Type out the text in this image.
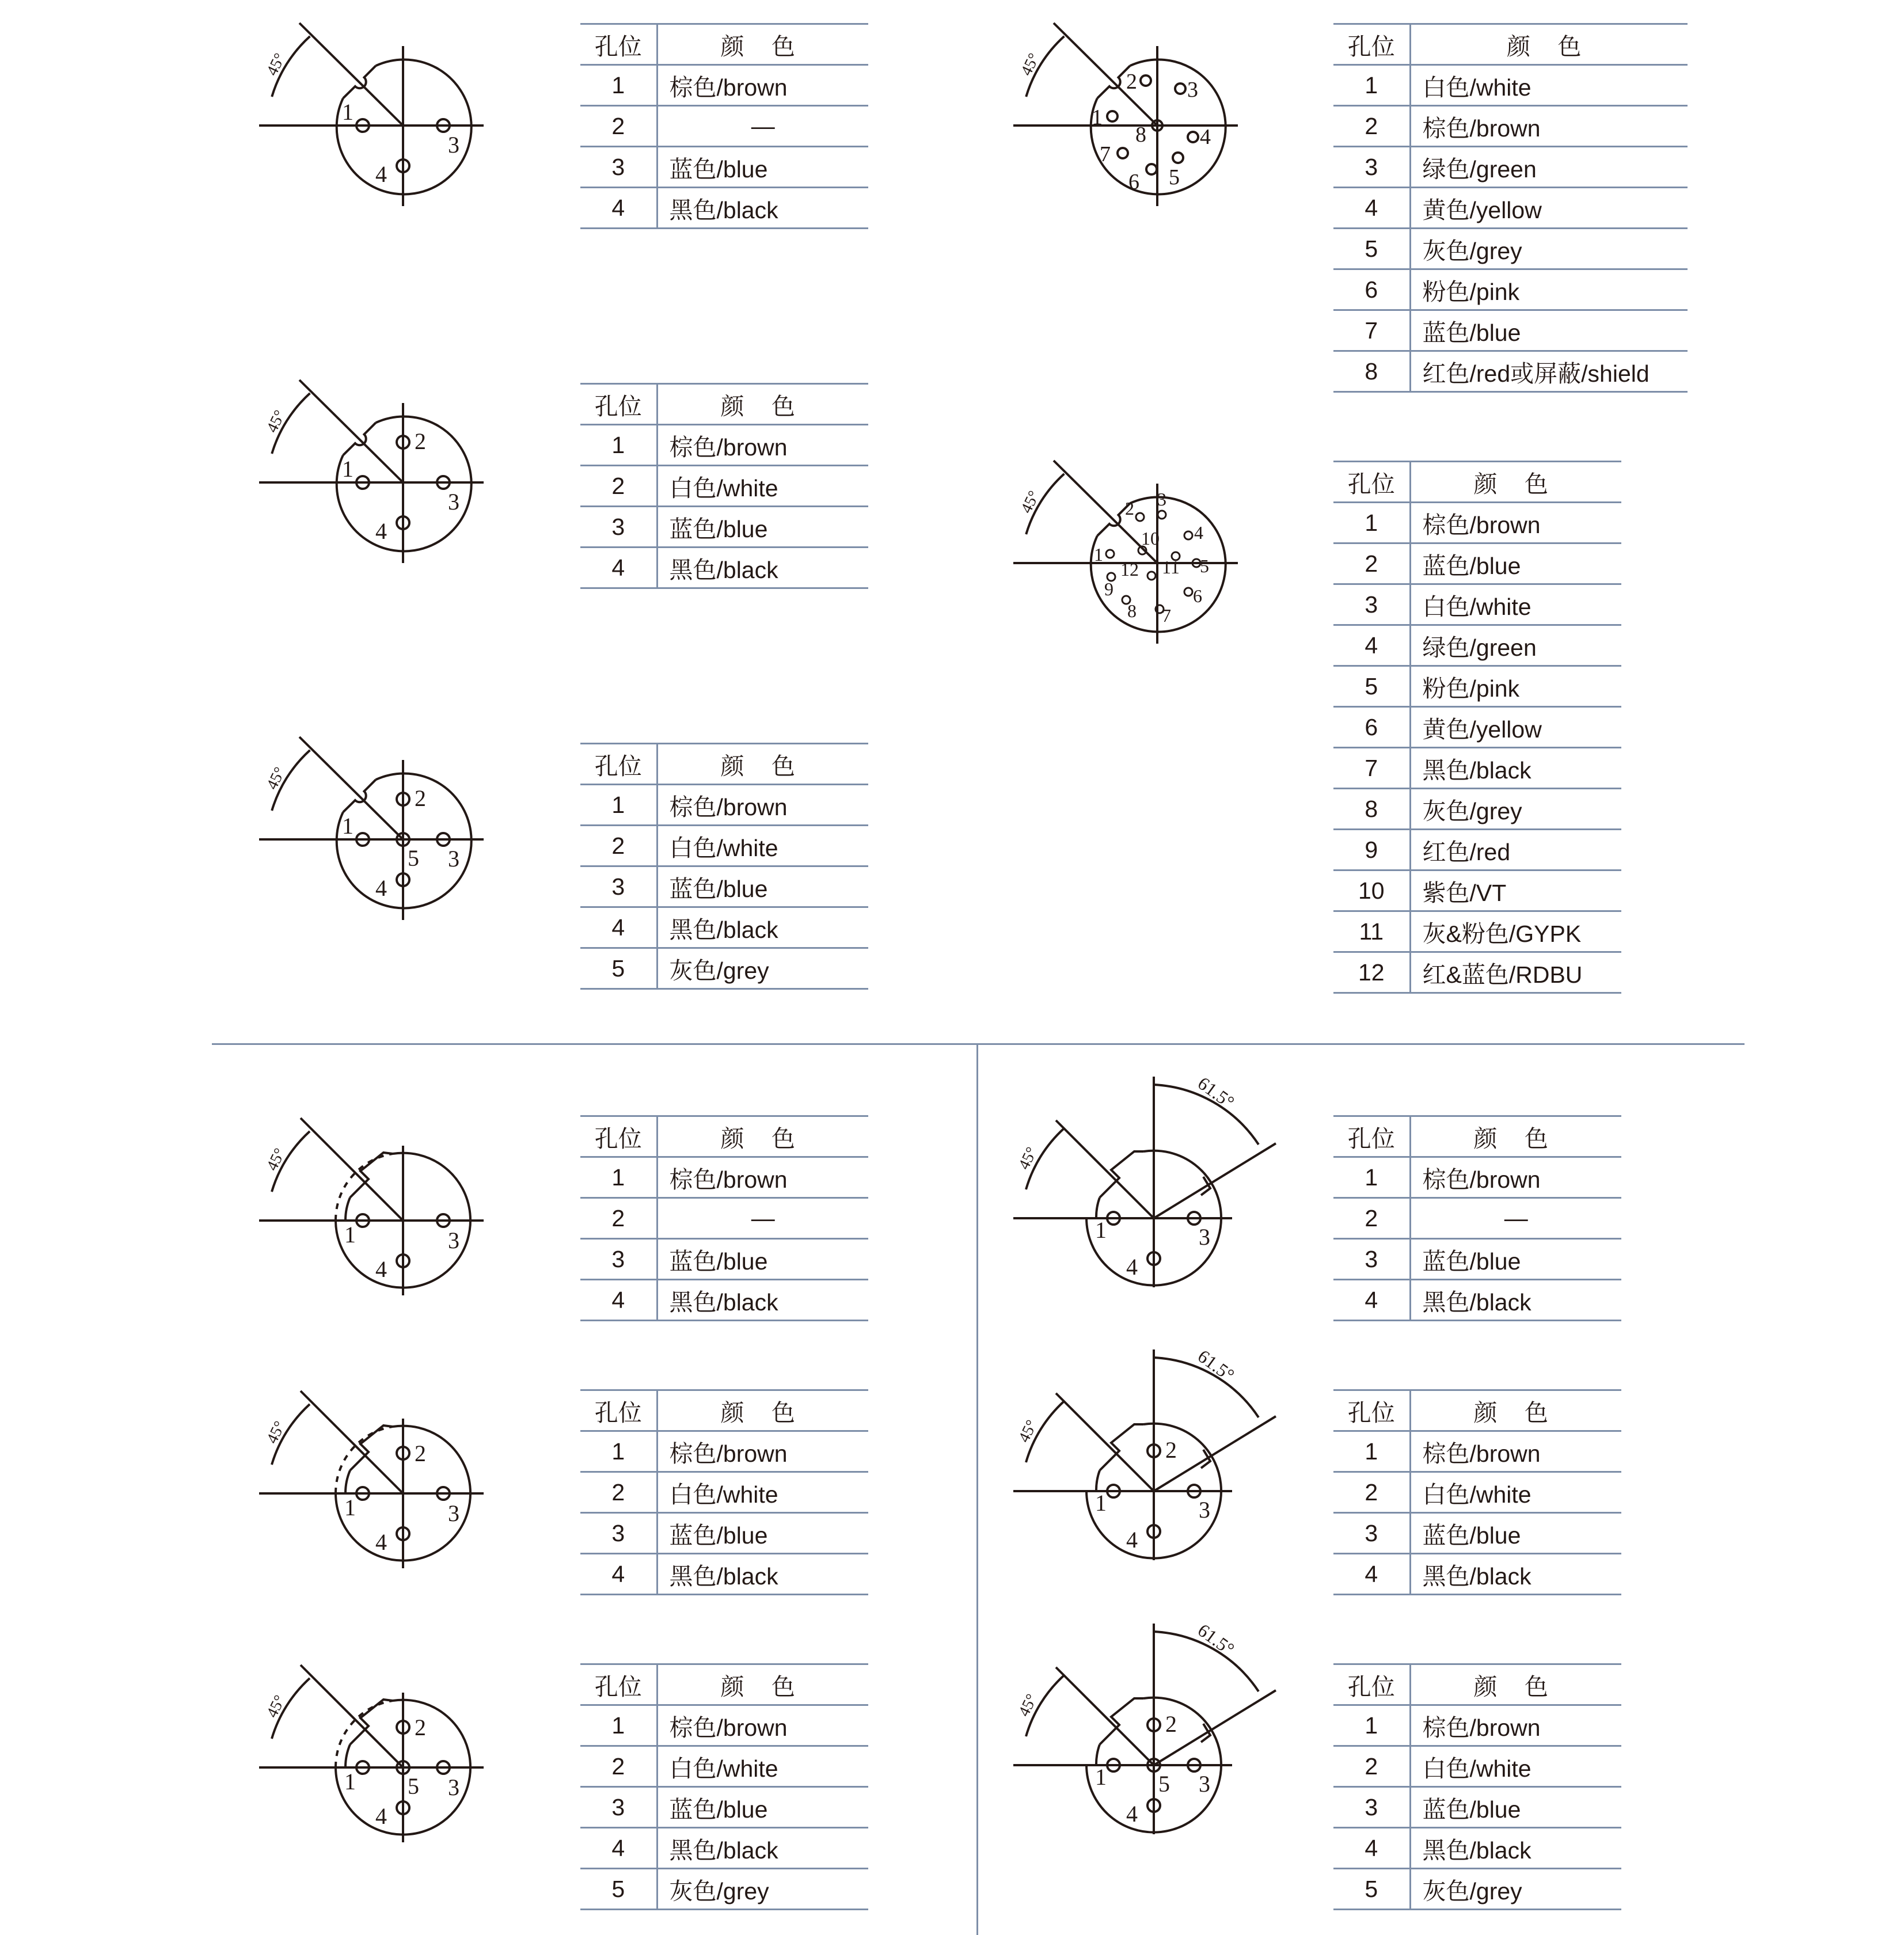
45°
1
3
4
45°
1
2
3
4
45°
1
2
3
4
5
45°
1
2 3
4
5
6
7
8
1
2 3
4
5
6
7
8
9
10
11
12
45°
45°
1	3
4
45°
1
2
3
4
45°
1
2
3
4
5
45°
61.5°
1	3
4
45°
61.5°
1
2
3
4
45°
61.5°
1
2
3
4
5
孔位	颜 色
1	棕色/brown
2	—
3	蓝色/blue
4	黑色/black
孔位	颜 色
1	棕色/brown
2	白色/white
3	蓝色/blue
4	黑色/black
孔位	颜 色
1	棕色/brown
2	白色/white
3	蓝色/blue
4	黑色/black
5	灰色/grey
孔位	颜 色
1	白色/white
2	棕色/brown
3	绿色/green
4	黄色/yellow
5	灰色/grey
6	粉色/pink
7	蓝色/blue
8	红色/red或屏蔽/shield
孔位	颜 色
1	棕色/brown
2	蓝色/blue
3	白色/white
4	绿色/green
5	粉色/pink
6	黄色/yellow
7	黑色/black
8	灰色/grey
9	红色/red
10	紫色/VT
11	灰&粉色/GYPK
12	红&蓝色/RDBU
孔位	颜 色
1	棕色/brown
2	—
3	蓝色/blue
4	黑色/black
孔位	颜 色
1	棕色/brown
2	白色/white
3	蓝色/blue
4	黑色/black
孔位	颜 色
1	棕色/brown
2	白色/white
3	蓝色/blue
4	黑色/black
5	灰色/grey
孔位	颜 色
1	棕色/brown
2	—
3	蓝色/blue
4	黑色/black
孔位	颜 色
1	棕色/brown
2	白色/white
3	蓝色/blue
4	黑色/black
孔位	颜 色
1	棕色/brown
2	白色/white
3	蓝色/blue
4	黑色/black
5	灰色/grey
